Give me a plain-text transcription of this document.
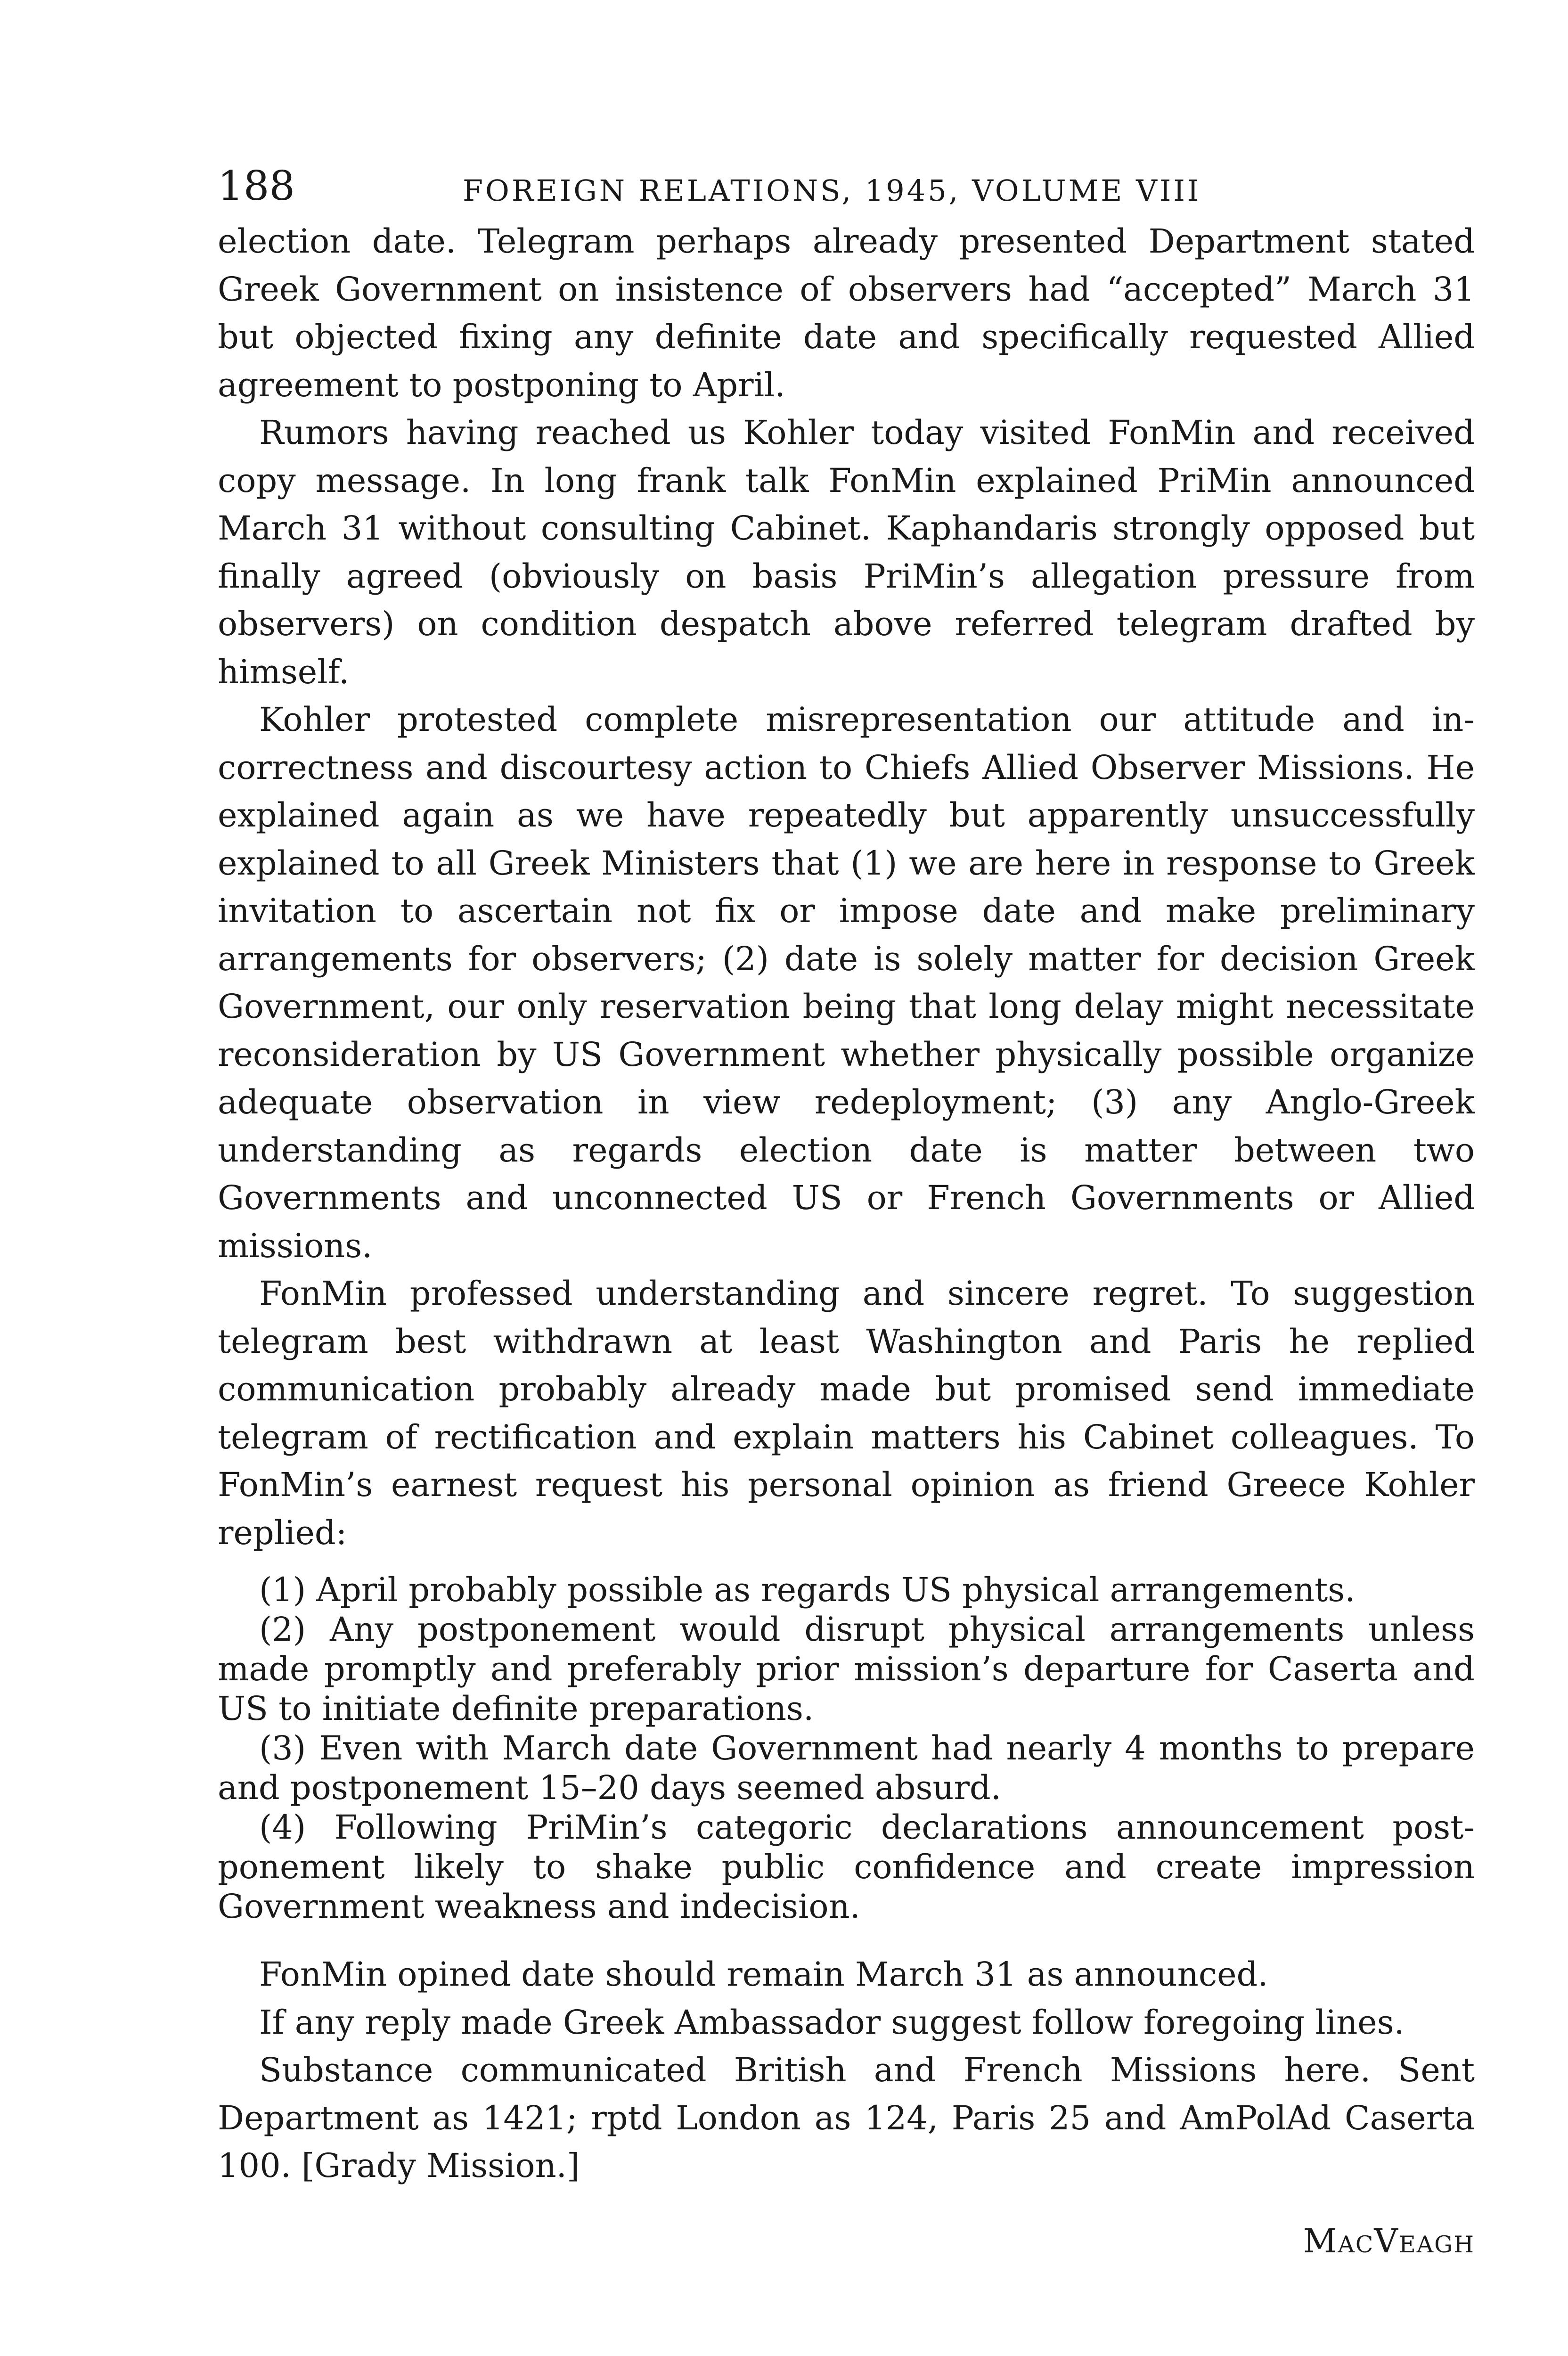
188	FOREIGN RELATIONS, 1945, VOLUME VIII

election date. Telegram perhaps already presented Department stated Greek Government on insistence of observers had “accepted” March 31 but objected fixing any definite date and specifically requested Allied agreement to postponing to April.

Rumors having reached us Kohler today visited FonMin and received copy message. In long frank talk FonMin explained PriMin announced March 31 without consulting Cabinet. Kaphandaris strongly opposed but finally agreed (obviously on basis PriMin’s allegation pressure from observers) on condition despatch above referred telegram drafted by himself.

Kohler protested complete misrepresentation our attitude and incorrectness and discourtesy action to Chiefs Allied Observer Missions. He explained again as we have repeatedly but apparently unsuccessfully explained to all Greek Ministers that (1) we are here in response to Greek invitation to ascertain not fix or impose date and make preliminary arrangements for observers; (2) date is solely matter for decision Greek Government, our only reservation being that long delay might necessitate reconsideration by US Government whether physically possible organize adequate observation in view redeployment; (3) any Anglo-Greek understanding as regards election date is matter between two Governments and unconnected US or French Governments or Allied missions.

FonMin professed understanding and sincere regret. To suggestion telegram best withdrawn at least Washington and Paris he replied communication probably already made but promised send immediate telegram of rectification and explain matters his Cabinet colleagues. To FonMin’s earnest request his personal opinion as friend Greece Kohler replied:

(1) April probably possible as regards US physical arrangements.

(2) Any postponement would disrupt physical arrangements unless made promptly and preferably prior mission’s departure for Caserta and US to initiate definite preparations.

(3) Even with March date Government had nearly 4 months to prepare and postponement 15–20 days seemed absurd.

(4) Following PriMin’s categoric declarations announcement postponement likely to shake public confidence and create impression Government weakness and indecision.

FonMin opined date should remain March 31 as announced.

If any reply made Greek Ambassador suggest follow foregoing lines.

Substance communicated British and French Missions here. Sent Department as 1421; rptd London as 124, Paris 25 and AmPolAd Caserta 100. [Grady Mission.]

MacVeagh
